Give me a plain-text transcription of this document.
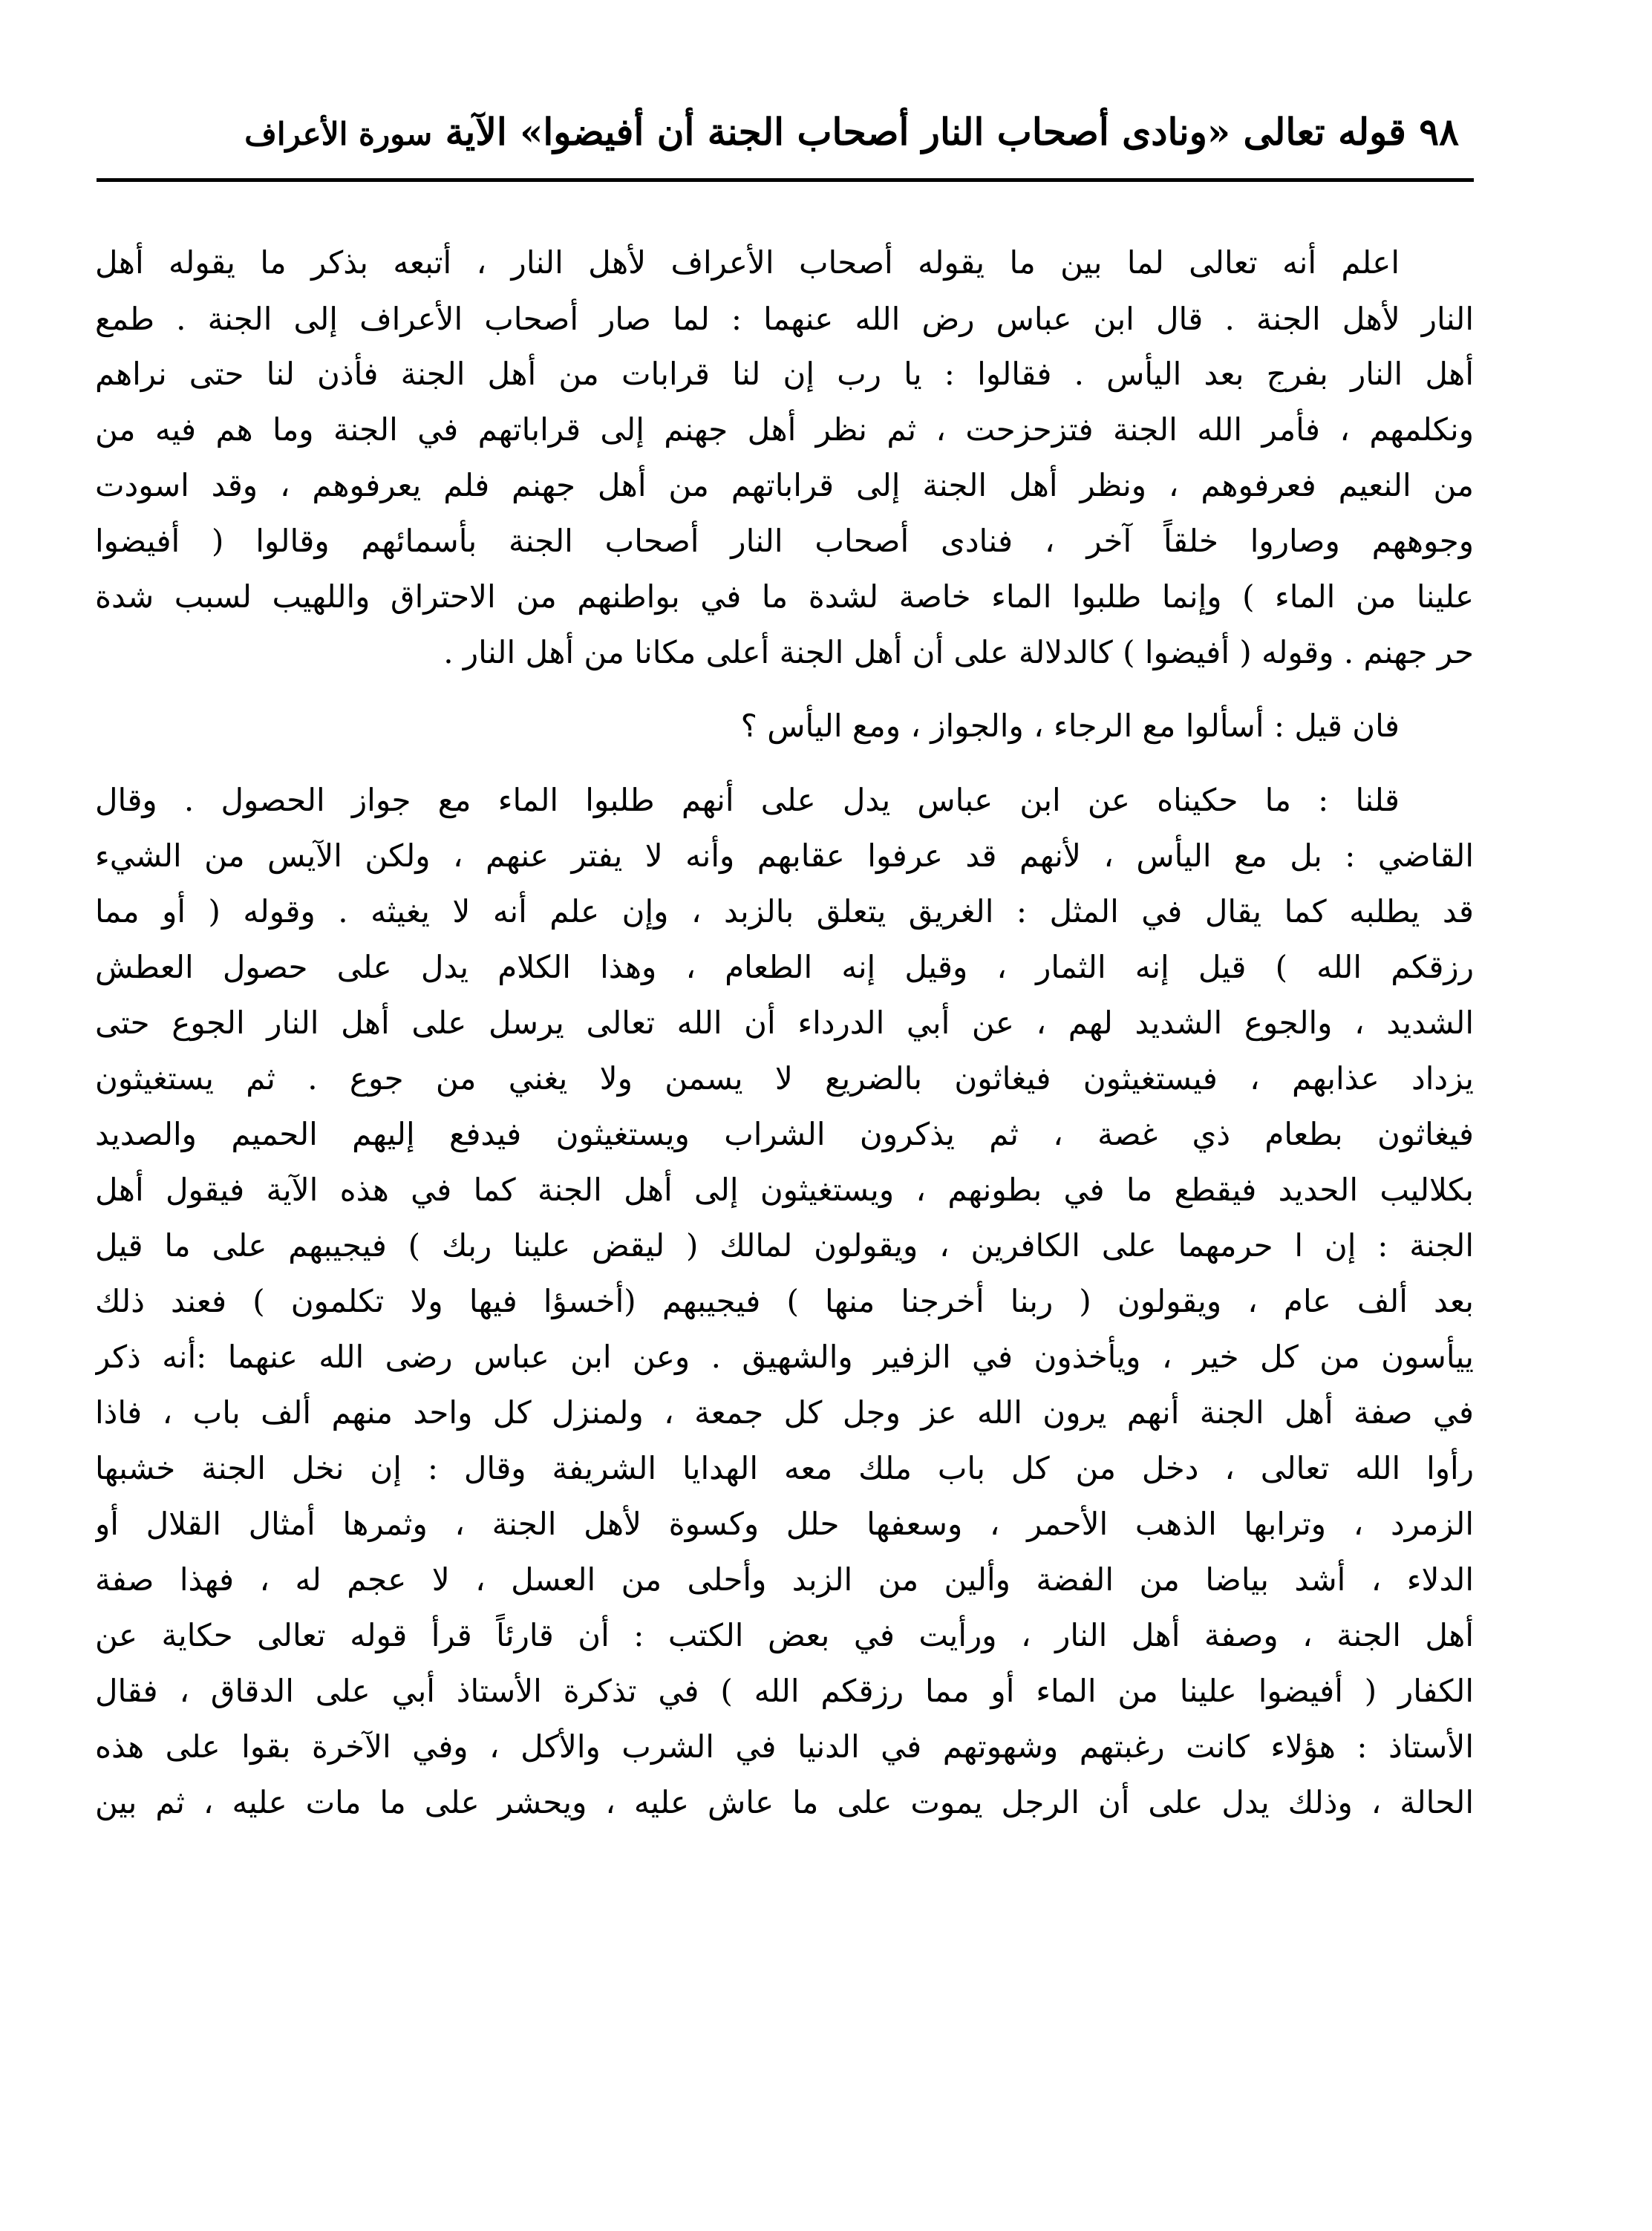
٩٨ قوله تعالى «ونادى أصحاب النار أصحاب الجنة أن أفيضوا» الآية سورة الأعراف
اعلم أنه تعالى لما بين ما يقوله أصحاب الأعراف لأهل النار ، أتبعه بذكر ما يقوله أهل
النار لأهل الجنة . قال ابن عباس رض الله عنهما : لما صار أصحاب الأعراف إلى الجنة . طمع
أهل النار بفرج بعد اليأس . فقالوا : يا رب إن لنا قرابات من أهل الجنة فأذن لنا حتى نراهم
ونكلمهم ، فأمر الله الجنة فتزحزحت ، ثم نظر أهل جهنم إلى قراباتهم في الجنة وما هم فيه من
من النعيم فعرفوهم ، ونظر أهل الجنة إلى قراباتهم من أهل جهنم فلم يعرفوهم ، وقد اسودت
وجوههم وصاروا خلقاً آخر ، فنادى أصحاب النار أصحاب الجنة بأسمائهم وقالوا ( أفيضوا
علينا من الماء ) وإنما طلبوا الماء خاصة لشدة ما في بواطنهم من الاحتراق واللهيب لسبب شدة
حر جهنم . وقوله ( أفيضوا ) كالدلالة على أن أهل الجنة أعلى مكانا من أهل النار .
فان قيل : أسألوا مع الرجاء ، والجواز ، ومع اليأس ؟
قلنا : ما حكيناه عن ابن عباس يدل على أنهم طلبوا الماء مع جواز الحصول . وقال
القاضي : بل مع اليأس ، لأنهم قد عرفوا عقابهم وأنه لا يفتر عنهم ، ولكن الآيس من الشيء
قد يطلبه كما يقال في المثل : الغريق يتعلق بالزبد ، وإن علم أنه لا يغيثه . وقوله ( أو مما
رزقكم الله ) قيل إنه الثمار ، وقيل إنه الطعام ، وهذا الكلام يدل على حصول العطش
الشديد ، والجوع الشديد لهم ، عن أبي الدرداء أن الله تعالى يرسل على أهل النار الجوع حتى
يزداد عذابهم ، فيستغيثون فيغاثون بالضريع لا يسمن ولا يغني من جوع . ثم يستغيثون
فيغاثون بطعام ذي غصة ، ثم يذكرون الشراب ويستغيثون فيدفع إليهم الحميم والصديد
بكلاليب الحديد فيقطع ما في بطونهم ، ويستغيثون إلى أهل الجنة كما في هذه الآية فيقول أهل
الجنة : إن ا حرمهما على الكافرين ، ويقولون لمالك ( ليقض علينا ربك ) فيجيبهم على ما قيل
بعد ألف عام ، ويقولون ( ربنا أخرجنا منها ) فيجيبهم (أخسؤا فيها ولا تكلمون ) فعند ذلك
ييأسون من كل خير ، ويأخذون في الزفير والشهيق . وعن ابن عباس رضى الله عنهما :أنه ذكر
في صفة أهل الجنة أنهم يرون الله عز وجل كل جمعة ، ولمنزل كل واحد منهم ألف باب ، فاذا
رأوا الله تعالى ، دخل من كل باب ملك معه الهدايا الشريفة وقال : إن نخل الجنة خشبها
الزمرد ، وترابها الذهب الأحمر ، وسعفها حلل وكسوة لأهل الجنة ، وثمرها أمثال القلال أو
الدلاء ، أشد بياضا من الفضة وألين من الزبد وأحلى من العسل ، لا عجم له ، فهذا صفة
أهل الجنة ، وصفة أهل النار ، ورأيت في بعض الكتب : أن قارئاً قرأ قوله تعالى حكاية عن
الكفار ( أفيضوا علينا من الماء أو مما رزقكم الله ) في تذكرة الأستاذ أبي على الدقاق ، فقال
الأستاذ : هؤلاء كانت رغبتهم وشهوتهم في الدنيا في الشرب والأكل ، وفي الآخرة بقوا على هذه
الحالة ، وذلك يدل على أن الرجل يموت على ما عاش عليه ، ويحشر على ما مات عليه ، ثم بين
